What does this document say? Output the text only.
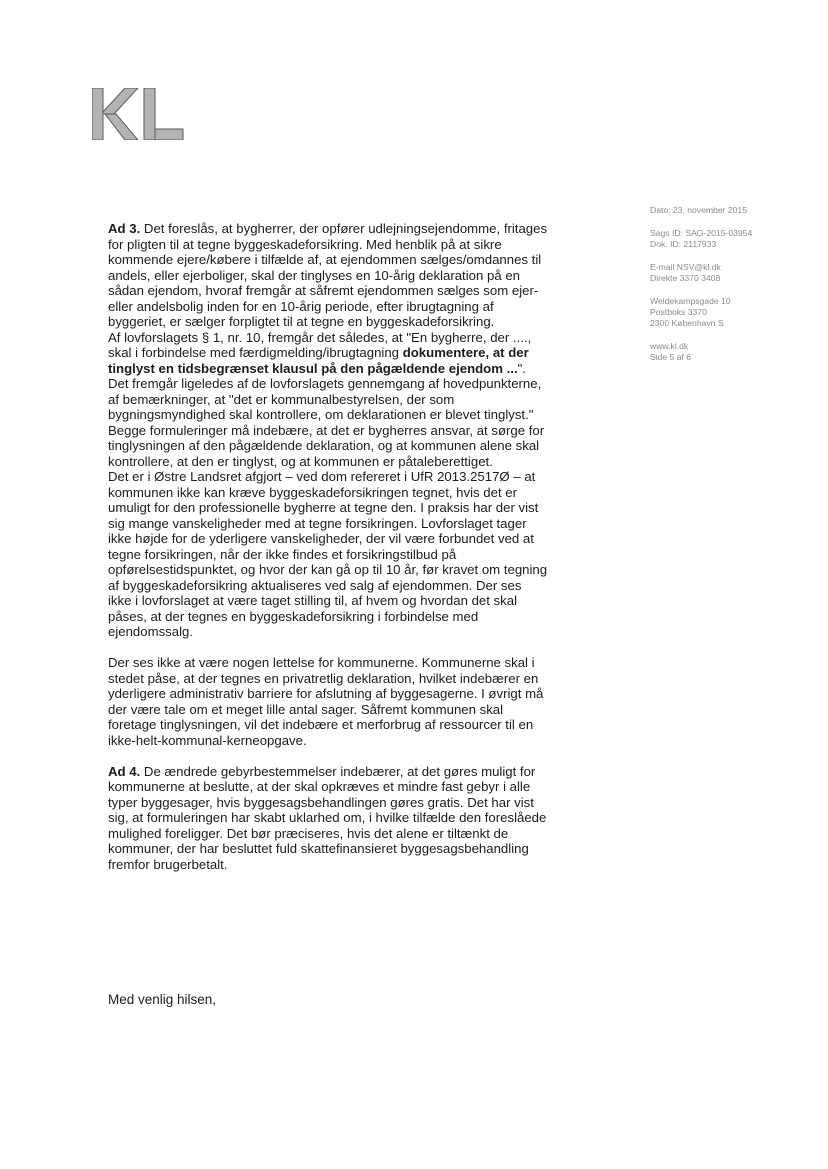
Dato: 23. november 2015
Sags ID: SAG-2015-03954
Dok. ID: 2117933
E-mail NSV@kl.dk
Direkte 3370 3408
Weidekampsgade 10
Postboks 3370
2300 København S
www.kl.dk
Side 5 af 6

Ad 3. Det foreslås, at bygherrer, der opfører udlejningsejendomme, fritages for pligten til at tegne byggeskadeforsikring. Med henblik på at sikre kommende ejere/købere i tilfælde af, at ejendommen sælges/omdannes til andels, eller ejerboliger, skal der tinglyses en 10-årig deklaration på en sådan ejendom, hvoraf fremgår at såfremt ejendommen sælges som ejer- eller andelsbolig inden for en 10-årig periode, efter ibrugtagning af byggeriet, er sælger forpligtet til at tegne en byggeskadeforsikring.

Af lovforslagets § 1, nr. 10, fremgår det således, at "En bygherre, der ...., skal i forbindelse med færdigmelding/ibrugtagning dokumentere, at der tinglyst en tidsbegrænset klausul på den pågældende ejendom ...".

Det fremgår ligeledes af de lovforslagets gennemgang af hovedpunkterne, af bemærkninger, at "det er kommunalbestyrelsen, der som bygningsmyndighed skal kontrollere, om deklarationen er blevet tinglyst." Begge formuleringer må indebære, at det er bygherres ansvar, at sørge for tinglysningen af den pågældende deklaration, og at kommunen alene skal kontrollere, at den er tinglyst, og at kommunen er påtaleberettiget.

Det er i Østre Landsret afgjort – ved dom refereret i UfR 2013.2517Ø – at kommunen ikke kan kræve byggeskadeforsikringen tegnet, hvis det er umuligt for den professionelle bygherre at tegne den. I praksis har der vist sig mange vanskeligheder med at tegne forsikringen. Lovforslaget tager ikke højde for de yderligere vanskeligheder, der vil være forbundet ved at tegne forsikringen, når der ikke findes et forsikringstilbud på opførelsestidspunktet, og hvor der kan gå op til 10 år, før kravet om tegning af byggeskadeforsikring aktualiseres ved salg af ejendommen. Der ses ikke i lovforslaget at være taget stilling til, af hvem og hvordan det skal påses, at der tegnes en byggeskadeforsikring i forbindelse med ejendomssalg.

Der ses ikke at være nogen lettelse for kommunerne. Kommunerne skal i stedet påse, at der tegnes en privatretlig deklaration, hvilket indebærer en yderligere administrativ barriere for afslutning af byggesagerne. I øvrigt må der være tale om et meget lille antal sager. Såfremt kommunen skal foretage tinglysningen, vil det indebære et merforbrug af ressourcer til en ikke-helt-kommunal-kerneopgave.

Ad 4. De ændrede gebyrbestemmelser indebærer, at det gøres muligt for kommunerne at beslutte, at der skal opkræves et mindre fast gebyr i alle typer byggesager, hvis byggesagsbehandlingen gøres gratis. Det har vist sig, at formuleringen har skabt uklarhed om, i hvilke tilfælde den foreslåede mulighed foreligger. Det bør præciseres, hvis det alene er tiltænkt de kommuner, der har besluttet fuld skattefinansieret byggesagsbehandling fremfor brugerbetalt.

Med venlig hilsen,
